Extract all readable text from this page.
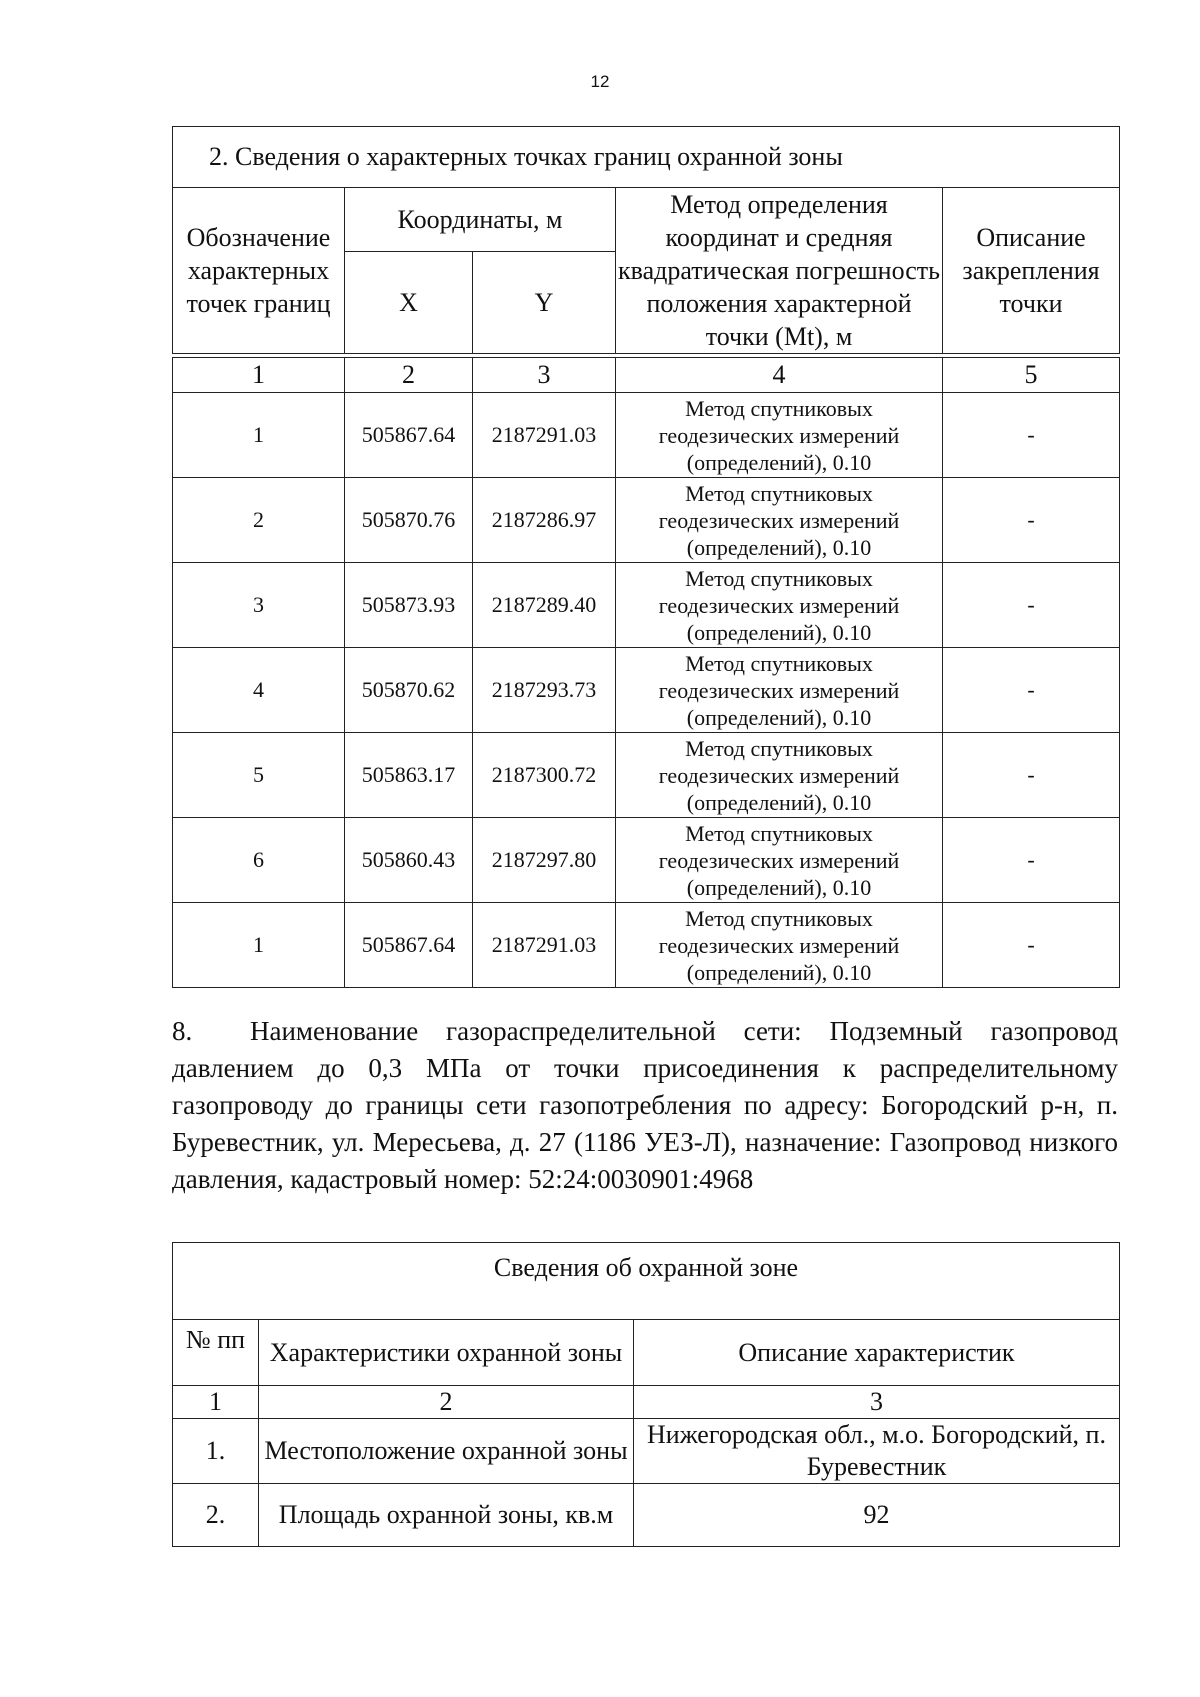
12
2. Сведения о характерных точках границ охранной зоны				
Обозначение характерных точек границ	Координаты, м		Метод определения координат и средняя квадратическая погрешность положения характерной точки (Mt), м	Описание закрепления точки
	X	Y		

1	2	3	4	5
1	505867.64	2187291.03	Метод спутниковых геодезических измерений (определений), 0.10	-
2	505870.76	2187286.97	Метод спутниковых геодезических измерений (определений), 0.10	-
3	505873.93	2187289.40	Метод спутниковых геодезических измерений (определений), 0.10	-
4	505870.62	2187293.73	Метод спутниковых геодезических измерений (определений), 0.10	-
5	505863.17	2187300.72	Метод спутниковых геодезических измерений (определений), 0.10	-
6	505860.43	2187297.80	Метод спутниковых геодезических измерений (определений), 0.10	-
1	505867.64	2187291.03	Метод спутниковых геодезических измерений (определений), 0.10	-
8. Наименование газораспределительной сети: Подземный газопровод давлением до 0,3 МПа от точки присоединения к распределительному газопроводу до границы сети газопотребления по адресу: Богородский р-н, п. Буревестник, ул. Мересьева, д. 27 (1186 УЕЗ-Л), назначение: Газопровод низкого давления, кадастровый номер: 52:24:0030901:4968
Сведения об охранной зоне		
№ пп	Характеристики охранной зоны	Описание характеристик
1	2	3
1.	Местоположение охранной зоны	Нижегородская обл., м.о. Богородский, п. Буревестник
2.	Площадь охранной зоны, кв.м	92
